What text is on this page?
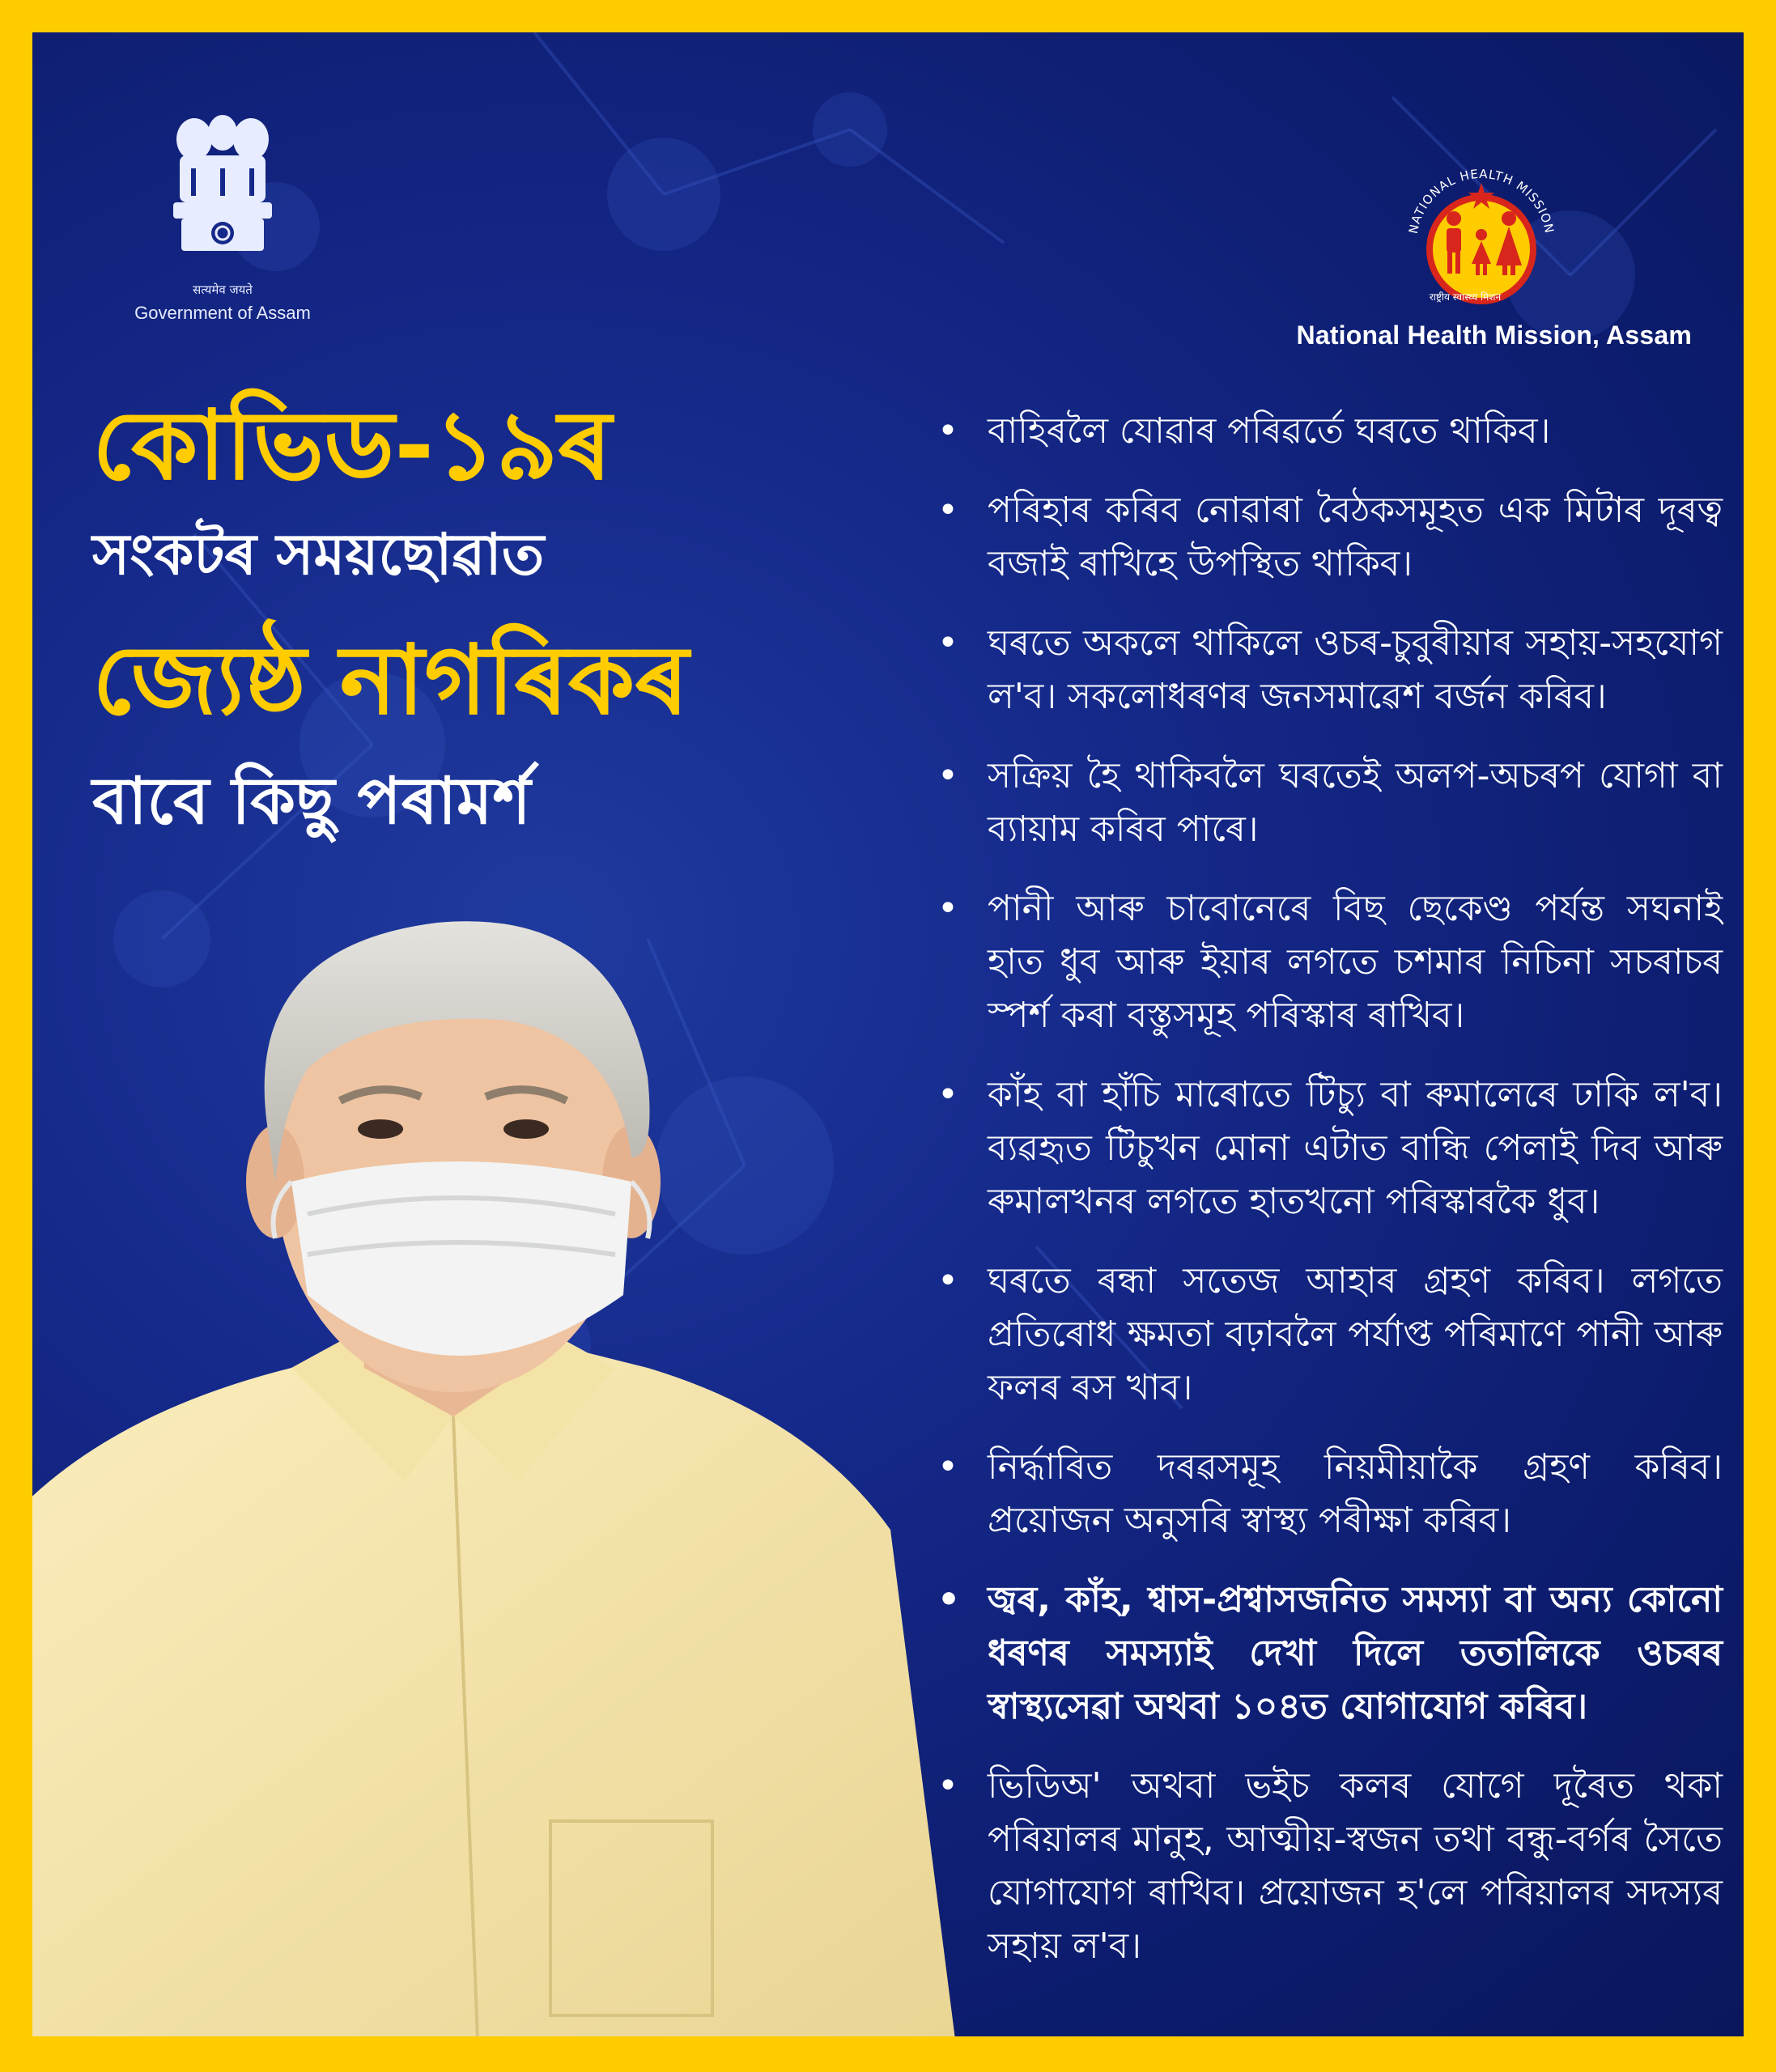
सत्यमेव जयते
Government of Assam
NATIONAL HEALTH MISSION
राष्ट्रीय स्वास्थ्य मिशन
National Health Mission, Assam
কোভিড-১৯ৰ
সংকটৰ সময়ছোৱাত
জ্যেষ্ঠ নাগৰিকৰ
বাবে কিছু পৰামৰ্শ
• বাহিৰলৈ যোৱাৰ পৰিৱৰ্তে ঘৰতে থাকিব।
• পৰিহাৰ কৰিব নোৱাৰা বৈঠকসমূহত এক মিটাৰ দূৰত্ব বজাই ৰাখিহে উপস্থিত থাকিব।
• ঘৰতে অকলে থাকিলে ওচৰ-চুবুৰীয়াৰ সহায়-সহযোগ ল'ব। সকলোধৰণৰ জনসমাৱেশ বৰ্জন কৰিব।
• সক্ৰিয় হৈ থাকিবলৈ ঘৰতেই অলপ-অচৰপ যোগা বা ব্যায়াম কৰিব পাৰে।
• পানী আৰু চাবোনেৰে বিছ ছেকেণ্ড পৰ্যন্ত সঘনাই হাত ধুব আৰু ইয়াৰ লগতে চশমাৰ নিচিনা সচৰাচৰ স্পৰ্শ কৰা বস্তুসমূহ পৰিস্কাৰ ৰাখিব।
• কাঁহ বা হাঁচি মাৰোতে টিচ্যু বা ৰুমালেৰে ঢাকি ল'ব। ব্যৱহৃত টিচুখন মোনা এটাত বান্ধি পেলাই দিব আৰু ৰুমালখনৰ লগতে হাতখনো পৰিস্কাৰকৈ ধুব।
• ঘৰতে ৰন্ধা সতেজ আহাৰ গ্ৰহণ কৰিব। লগতে প্ৰতিৰোধ ক্ষমতা বঢ়াবলৈ পৰ্যাপ্ত পৰিমাণে পানী আৰু ফলৰ ৰস খাব।
• নিৰ্দ্ধাৰিত দৰৱসমূহ নিয়মীয়াকৈ গ্ৰহণ কৰিব। প্ৰয়োজন অনুসৰি স্বাস্থ্য পৰীক্ষা কৰিব।
• জ্বৰ, কাঁহ, শ্বাস-প্ৰশ্বাসজনিত সমস্যা বা অন্য কোনো ধৰণৰ সমস্যাই দেখা দিলে ততালিকে ওচৰৰ স্বাস্থ্যসেৱা অথবা ১০৪ত যোগাযোগ কৰিব।
• ভিডিঅ' অথবা ভইচ কলৰ যোগে দূৰৈত থকা পৰিয়ালৰ মানুহ, আত্মীয়-স্বজন তথা বন্ধু-বৰ্গৰ সৈতে যোগাযোগ ৰাখিব। প্ৰয়োজন হ'লে পৰিয়ালৰ সদস্যৰ সহায় ল'ব।
